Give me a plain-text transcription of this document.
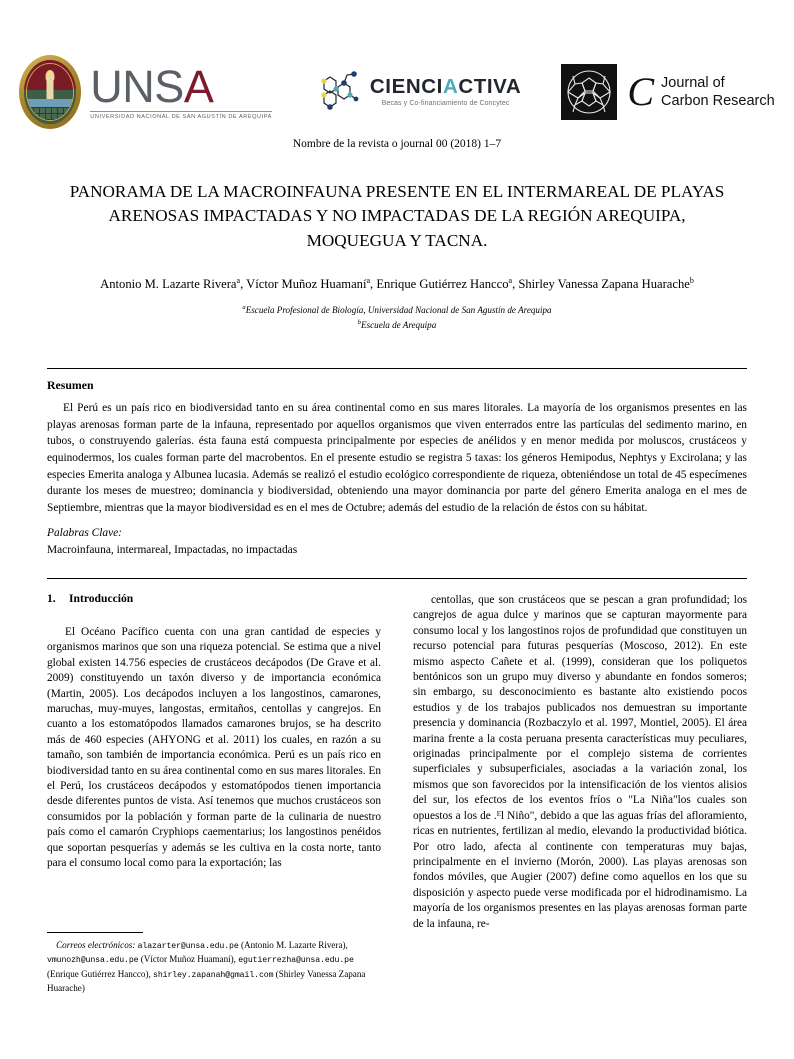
UNSA
UNIVERSIDAD NACIONAL DE SAN AGUSTÍN DE AREQUIPA
CIENCIACTIVA
Becas y Co-financiamiento de Concytec	C Journal of
Carbon Research
Nombre de la revista o journal 00 (2018) 1–7
PANORAMA DE LA MACROINFAUNA PRESENTE EN EL INTERMAREAL DE PLAYAS ARENOSAS IMPACTADAS Y NO IMPACTADAS DE LA REGIÓN AREQUIPA, MOQUEGUA Y TACNA.
Antonio M. Lazarte Rivera$^a$, Víctor Muñoz Huamaní$^a$, Enrique Gutiérrez Hancco$^a$, Shirley Vanessa Zapana Huarache$^b$
$^a$Escuela Profesional de Biología, Universidad Nacional de San Agustín de Arequipa
$^b$Escuela de Arequipa
Resumen
El Perú es un país rico en biodiversidad tanto en su área continental como en sus mares litorales. La mayoría de los organismos presentes en las playas arenosas forman parte de la infauna, representado por aquellos organismos que viven enterrados entre las partículas del sedimento marino, en tubos, o construyendo galerías. ésta fauna está compuesta principalmente por especies de anélidos y en menor medida por moluscos, crustáceos y equinodermos, los cuales forman parte del macrobentos. En el presente estudio se registra 5 taxas: los géneros Hemipodus, Nephtys y Excirolana; y las especies Emerita analoga y Albunea lucasia. Además se realizó el estudio ecológico correspondiente de riqueza, obteniéndose un total de 45 especímenes durante los meses de muestreo; dominancia y biodiversidad, obteniendo una mayor dominancia por parte del género Emerita analoga en el mes de Septiembre, mientras que la mayor biodiversidad es en el mes de Octubre; además del estudio de la relación de éstos con su hábitat.
Palabras Clave:
Macroinfauna, intermareal, Impactadas, no impactadas
1. Introducción

El Océano Pacífico cuenta con una gran cantidad de especies y organismos marinos que son una riqueza potencial. Se estima que a nivel global existen 14.756 especies de crustáceos decápodos (De Grave et al. 2009) constituyendo un taxón diverso y de importancia económica (Martin, 2005). Los decápodos incluyen a los langostinos, camarones, maruchas, muy-muyes, langostas, ermitaños, centollas y cangrejos. En cuanto a los estomatópodos llamados camarones brujos, se ha descrito más de 460 especies (AHYONG et al. 2011) los cuales, en razón a su tamaño, son también de importancia económica. Perú es un país rico en biodiversidad tanto en su área continental como en sus mares litorales. En el Perú, los crustáceos decápodos y estomatópodos tienen importancia desde diferentes puntos de vista. Así tenemos que muchos crustáceos son consumidos por la población y forman parte de la culinaria de nuestro país como el camarón Cryphiops caementarius; los langostinos penéidos que soportan pesquerías y además se les cultiva en la costa norte, tanto para el consumo local como para la exportación; las

centollas, que son crustáceos que se pescan a gran profundidad; los cangrejos de agua dulce y marinos que se capturan mayormente para consumo local y los langostinos rojos de profundidad que constituyen un recurso potencial para futuras pesquerías (Moscoso, 2012). En este mismo aspecto Cañete et al. (1999), consideran que los poliquetos bentónicos son un grupo muy diverso y abundante en fondos someros; sin embargo, su desconocimiento es bastante alto existiendo pocos estudios y de los trabajos publicados nos demuestran su importante presencia y dominancia (Rozbaczylo et al. 1997, Montiel, 2005). El área marina frente a la costa peruana presenta características muy peculiares, originadas principalmente por el complejo sistema de corrientes superficiales y subsuperficiales, asociadas a la variación zonal, los mismos que son favorecidos por la intensificación de los vientos alisios del sur, los efectos de los eventos fríos o "La Niña"los cuales son opuestos a los de .ᴱl Niño", debido a que las aguas frías del afloramiento, ricas en nutrientes, fertilizan al medio, elevando la productividad biótica. Por otro lado, afecta al continente con temperaturas muy bajas, principalmente en el invierno (Morón, 2000). Las playas arenosas son fondos móviles, que Augier (2007) define como aquellos en los que su disposición y aspecto puede verse modificada por el hidrodinamismo. La mayoría de los organismos presentes en las playas arenosas forman parte de la infauna, re-

Correos electrónicos: alazarter@unsa.edu.pe (Antonio M. Lazarte Rivera), vmunozh@unsa.edu.pe (Víctor Muñoz Huamaní), egutierrezha@unsa.edu.pe (Enrique Gutiérrez Hancco), shirley.zapanah@gmail.com (Shirley Vanessa Zapana Huarache)
